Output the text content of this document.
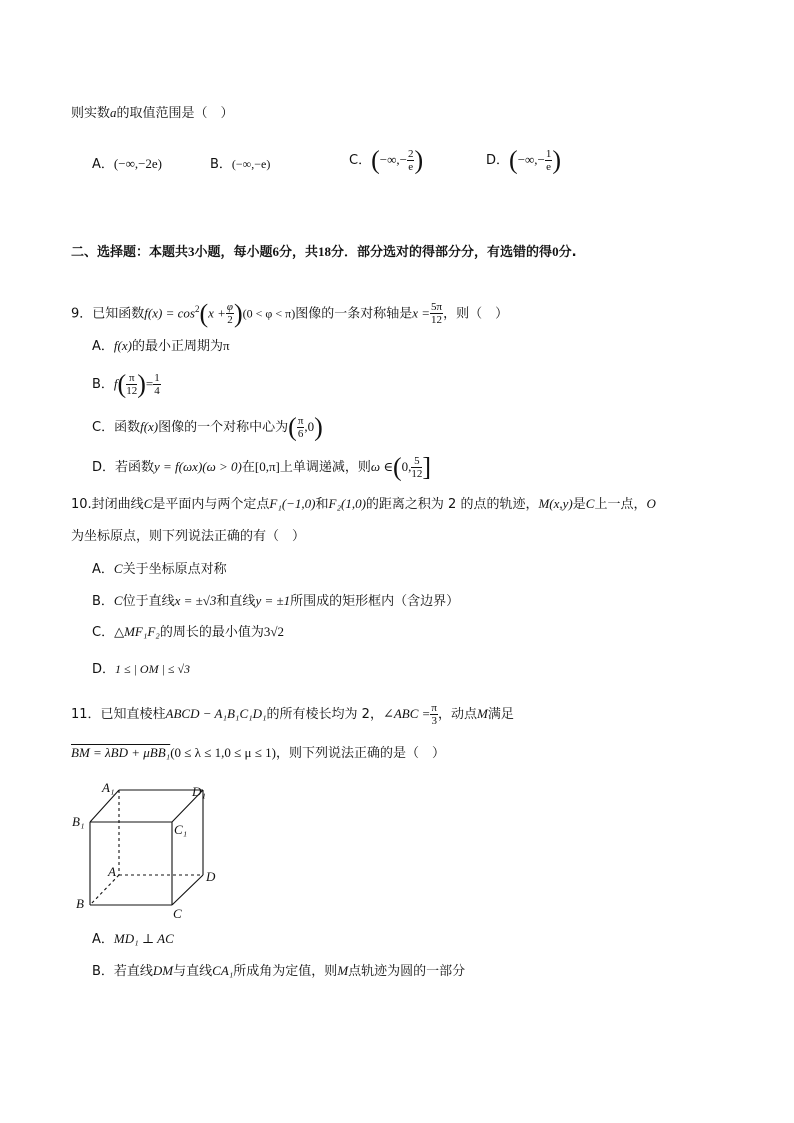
则实数a的取值范围是（　）
A．(−∞,−2e)	B．(−∞,−e)	C．(−∞,− $\frac{2}{e}$ )	D．(−∞,− $\frac{1}{e}$ )
二、选择题：本题共3小题，每小题6分，共18分．部分选对的得部分分，有选错的得0分.
9．已知函数$f(x) = \cos^2(x + \frac{\varphi}{2} )(0 < \varphi < \pi)$图像的一条对称轴是$x = \frac{5\pi}{12}$ ，则（　）
A．f(x)的最小正周期为π
B．$f( \frac{\pi}{12}$ )= $\frac{1}{4}$
C．函数f(x)图像的一个对称中心为( $\frac{\pi}{6} ,0$)
D．若函数y = f(ωx)(ω > 0)在[0,π]上单调递减，则ω ∈(0, $\frac{5}{12}$ ]
10.封闭曲线C是平面内与两个定点F₁(−1,0)和F₂(1,0)的距离之积为 2 的点的轨迹，M(x,y)是C上一点，O
为坐标原点，则下列说法正确的有（　）
A．C关于坐标原点对称
B．C位于直线x = ±√3和直线y = ±1所围成的矩形框内（含边界）
C．△MF₁F₂的周长的最小值为3√2
D．1 ≤ | OM | ≤ √3
11．已知直棱柱ABCD − A₁B₁C₁D₁的所有棱长均为 2，∠ABC = $\frac{\pi}{3}$ ，动点M满足
BM = λBD + μBB₁(0 ≤ λ ≤ 1,0 ≤ μ ≤ 1)，则下列说法正确的是（　）
A₁	D₁
B₁
C₁
A	D
B
C
A．MD₁ ⊥ AC
B．若直线DM与直线CA₁所成角为定值，则M点轨迹为圆的一部分
